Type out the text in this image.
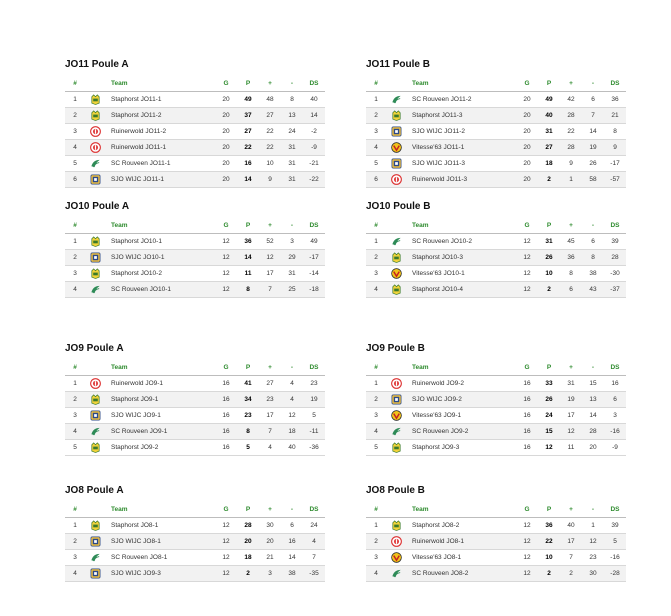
JO11 Poule A
#		Team	G	P	+	-	DS
1		Staphorst JO11-1	20	49	48	8	40
2		Staphorst JO11-2	20	37	27	13	14
3		Ruinerwold JO11-2	20	27	22	24	-2
4		Ruinerwold JO11-1	20	22	22	31	-9
5		SC Rouveen JO11-1	20	16	10	31	-21
6		SJO WIJC JO11-1	20	14	9	31	-22
JO10 Poule A
#		Team	G	P	+	-	DS
1		Staphorst JO10-1	12	36	52	3	49
2		SJO WIJC JO10-1	12	14	12	29	-17
3		Staphorst JO10-2	12	11	17	31	-14
4		SC Rouveen JO10-1	12	8	7	25	-18
JO9 Poule A
#		Team	G	P	+	-	DS
1		Ruinerwold JO9-1	16	41	27	4	23
2		Staphorst JO9-1	16	34	23	4	19
3		SJO WIJC JO9-1	16	23	17	12	5
4		SC Rouveen JO9-1	16	8	7	18	-11
5		Staphorst JO9-2	16	5	4	40	-36
JO8 Poule A
#		Team	G	P	+	-	DS
1		Staphorst JO8-1	12	28	30	6	24
2		SJO WIJC JO8-1	12	20	20	16	4
3		SC Rouveen JO8-1	12	18	21	14	7
4		SJO WIJC JO9-3	12	2	3	38	-35
JO11 Poule B
#		Team	G	P	+	-	DS
1		SC Rouveen JO11-2	20	49	42	6	36
2		Staphorst JO11-3	20	40	28	7	21
3		SJO WIJC JO11-2	20	31	22	14	8
4		Vitesse'63 JO11-1	20	27	28	19	9
5		SJO WIJC JO11-3	20	18	9	26	-17
6		Ruinerwold JO11-3	20	2	1	58	-57
JO10 Poule B
#		Team	G	P	+	-	DS
1		SC Rouveen JO10-2	12	31	45	6	39
2		Staphorst JO10-3	12	26	36	8	28
3		Vitesse'63 JO10-1	12	10	8	38	-30
4		Staphorst JO10-4	12	2	6	43	-37
JO9 Poule B
#		Team	G	P	+	-	DS
1		Ruinerwold JO9-2	16	33	31	15	16
2		SJO WIJC JO9-2	16	26	19	13	6
3		Vitesse'63 JO9-1	16	24	17	14	3
4		SC Rouveen JO9-2	16	15	12	28	-16
5		Staphorst JO9-3	16	12	11	20	-9
JO8 Poule B
#		Team	G	P	+	-	DS
1		Staphorst JO8-2	12	36	40	1	39
2		Ruinerwold JO8-1	12	22	17	12	5
3		Vitesse'63 JO8-1	12	10	7	23	-16
4		SC Rouveen JO8-2	12	2	2	30	-28
